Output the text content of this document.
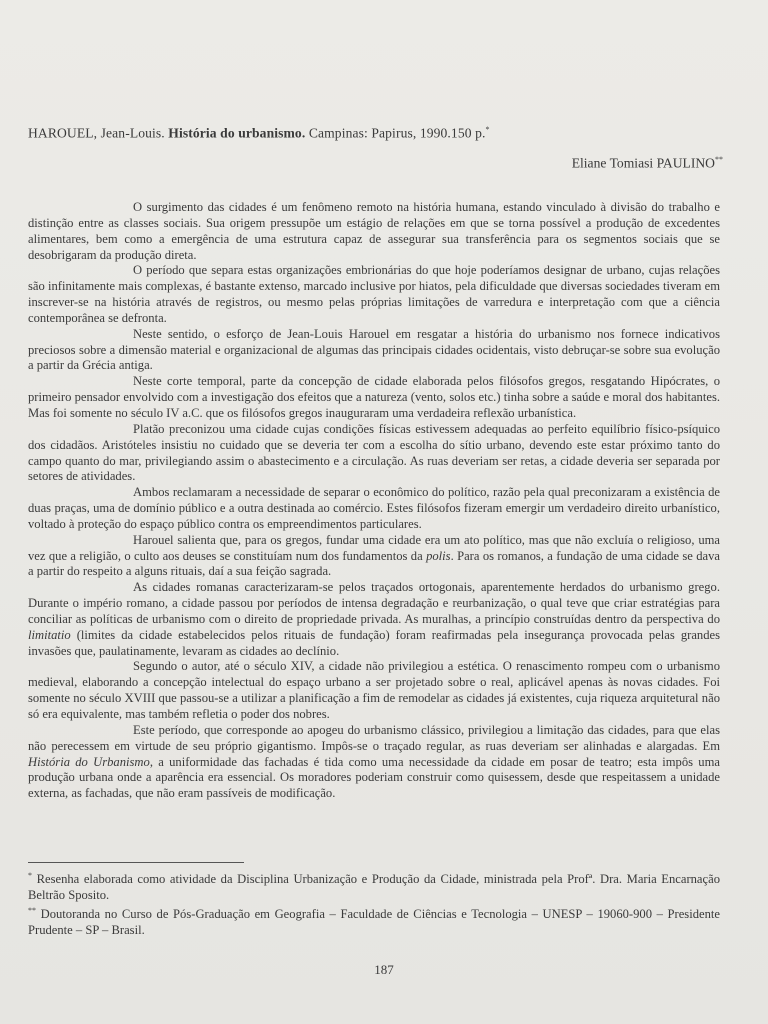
HAROUEL, Jean-Louis. História do urbanismo. Campinas: Papirus, 1990.150 p.*
Eliane Tomiasi PAULINO**

O surgimento das cidades é um fenômeno remoto na história humana, estando vinculado à divisão do trabalho e distinção entre as classes sociais. Sua origem pressupõe um estágio de relações em que se torna possível a produção de excedentes alimentares, bem como a emergência de uma estrutura capaz de assegurar sua transferência para os segmentos sociais que se desobrigaram da produção direta.

O período que separa estas organizações embrionárias do que hoje poderíamos designar de urbano, cujas relações são infinitamente mais complexas, é bastante extenso, marcado inclusive por hiatos, pela dificuldade que diversas sociedades tiveram em inscrever-se na história através de registros, ou mesmo pelas próprias limitações de varredura e interpretação com que a ciência contemporânea se defronta.

Neste sentido, o esforço de Jean-Louis Harouel em resgatar a história do urbanismo nos fornece indicativos preciosos sobre a dimensão material e organizacional de algumas das principais cidades ocidentais, visto debruçar-se sobre sua evolução a partir da Grécia antiga.

Neste corte temporal, parte da concepção de cidade elaborada pelos filósofos gregos, resgatando Hipócrates, o primeiro pensador envolvido com a investigação dos efeitos que a natureza (vento, solos etc.) tinha sobre a saúde e moral dos habitantes. Mas foi somente no século IV a.C. que os filósofos gregos inauguraram uma verdadeira reflexão urbanística.

Platão preconizou uma cidade cujas condições físicas estivessem adequadas ao perfeito equilíbrio físico-psíquico dos cidadãos. Aristóteles insistiu no cuidado que se deveria ter com a escolha do sítio urbano, devendo este estar próximo tanto do campo quanto do mar, privilegiando assim o abastecimento e a circulação. As ruas deveriam ser retas, a cidade deveria ser separada por setores de atividades.

Ambos reclamaram a necessidade de separar o econômico do político, razão pela qual preconizaram a existência de duas praças, uma de domínio público e a outra destinada ao comércio. Estes filósofos fizeram emergir um verdadeiro direito urbanístico, voltado à proteção do espaço público contra os empreendimentos particulares.

Harouel salienta que, para os gregos, fundar uma cidade era um ato político, mas que não excluía o religioso, uma vez que a religião, o culto aos deuses se constituíam num dos fundamentos da polis. Para os romanos, a fundação de uma cidade se dava a partir do respeito a alguns rituais, daí a sua feição sagrada.

As cidades romanas caracterizaram-se pelos traçados ortogonais, aparentemente herdados do urbanismo grego. Durante o império romano, a cidade passou por períodos de intensa degradação e reurbanização, o qual teve que criar estratégias para conciliar as políticas de urbanismo com o direito de propriedade privada. As muralhas, a princípio construídas dentro da perspectiva do limitatio (limites da cidade estabelecidos pelos rituais de fundação) foram reafirmadas pela insegurança provocada pelas grandes invasões que, paulatinamente, levaram as cidades ao declínio.

Segundo o autor, até o século XIV, a cidade não privilegiou a estética. O renascimento rompeu com o urbanismo medieval, elaborando a concepção intelectual do espaço urbano a ser projetado sobre o real, aplicável apenas às novas cidades. Foi somente no século XVIII que passou-se a utilizar a planificação a fim de remodelar as cidades já existentes, cuja riqueza arquitetural não só era equivalente, mas também refletia o poder dos nobres.

Este período, que corresponde ao apogeu do urbanismo clássico, privilegiou a limitação das cidades, para que elas não perecessem em virtude de seu próprio gigantismo. Impôs-se o traçado regular, as ruas deveriam ser alinhadas e alargadas. Em História do Urbanismo, a uniformidade das fachadas é tida como uma necessidade da cidade em posar de teatro; esta impôs uma produção urbana onde a aparência era essencial. Os moradores poderiam construir como quisessem, desde que respeitassem a unidade externa, as fachadas, que não eram passíveis de modificação.

* Resenha elaborada como atividade da Disciplina Urbanização e Produção da Cidade, ministrada pela Profª. Dra. Maria Encarnação Beltrão Sposito.

** Doutoranda no Curso de Pós-Graduação em Geografia – Faculdade de Ciências e Tecnologia – UNESP – 19060-900 – Presidente Prudente – SP – Brasil.

187
